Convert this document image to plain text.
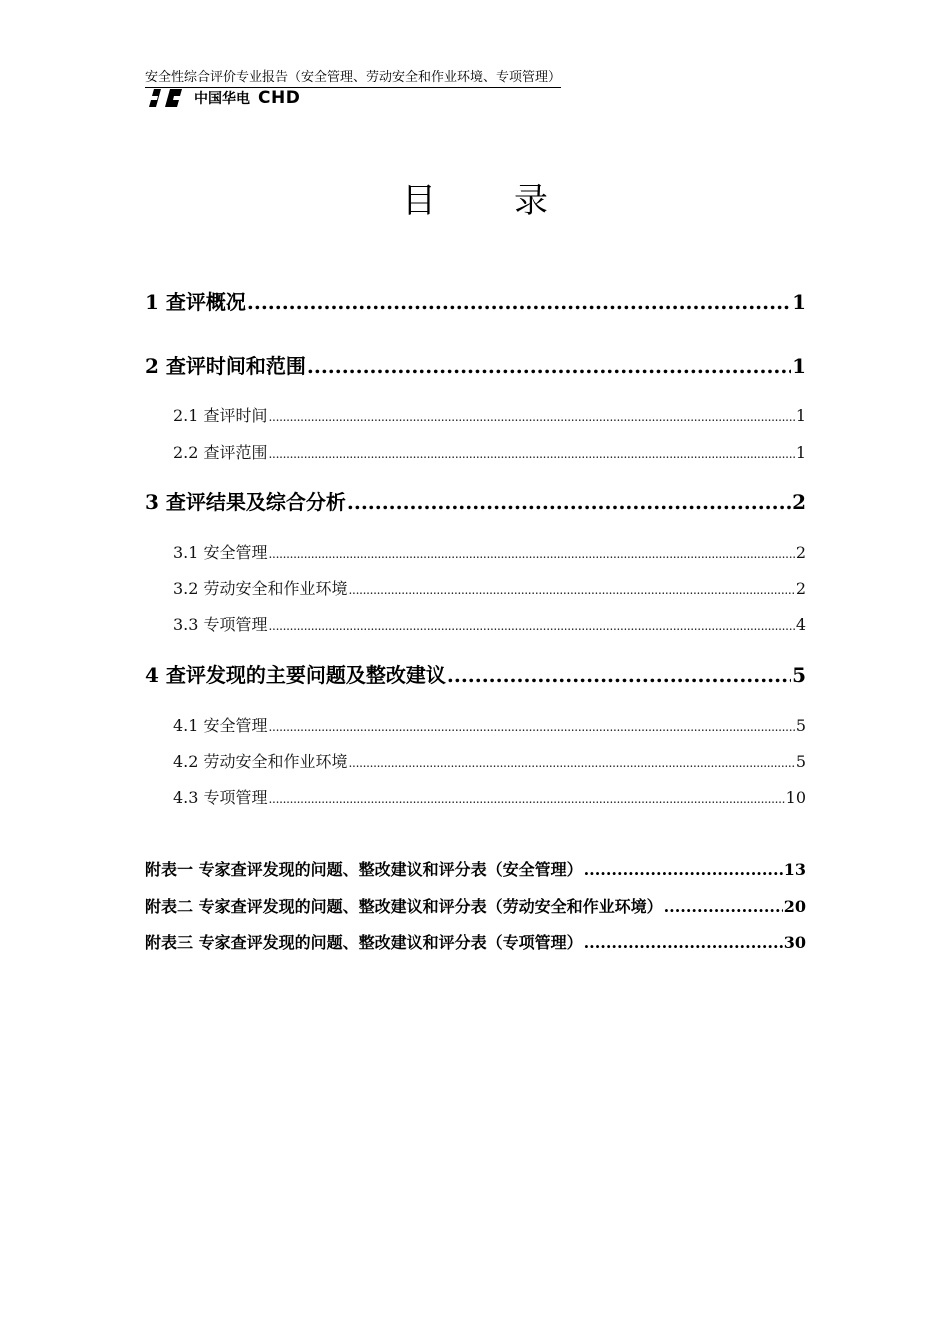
安全性综合评价专业报告（安全管理、劳动安全和作业环境、专项管理）
中国华电 CHD
目录
1 查评概况 .....	1
2 查评时间和范围 .....	1
2.1 查评时间 .....	1
2.2 查评范围 .....	1
3 查评结果及综合分析 .....	2
3.1 安全管理 .....	2
3.2 劳动安全和作业环境 .....	2
3.3 专项管理 .....	4
4 查评发现的主要问题及整改建议 .....	5
4.1 安全管理 .....	5
4.2 劳动安全和作业环境 .....	5
4.3 专项管理 .....	10
附表一 专家查评发现的问题、整改建议和评分表（安全管理） .....	13
附表二 专家查评发现的问题、整改建议和评分表（劳动安全和作业环境） .....	20
附表三 专家查评发现的问题、整改建议和评分表（专项管理） .....	30
